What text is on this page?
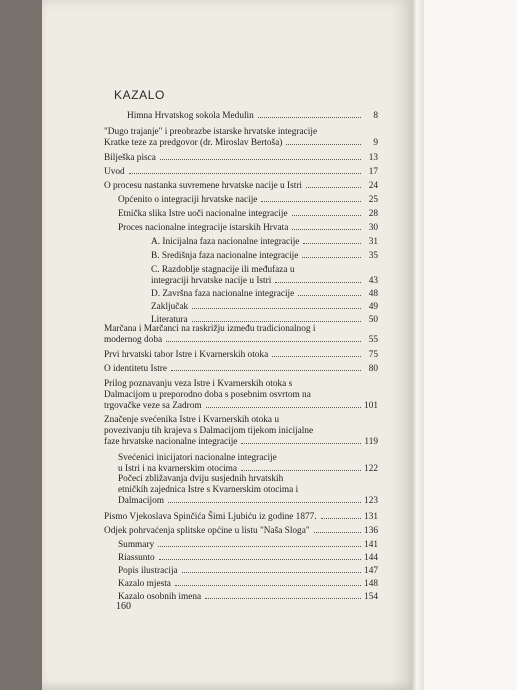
KAZALO
Himna Hrvatskog sokola Medulin	8
"Dugo trajanje" i preobrazbe istarske hrvatske integracije
Kratke teze za predgovor (dr. Miroslav Bertoša)	9
Bilješka pisca	13
Uvod	17
O procesu nastanka suvremene hrvatske nacije u Istri	24
Općenito o integraciji hrvatske nacije	25
Etnička slika Istre uoči nacionalne integracije	28
Proces nacionalne integracije istarskih Hrvata	30
A. Inicijalna faza nacionalne integracije	31
B. Središnja faza nacionalne integracije	35
C. Razdoblje stagnacije ili međufaza u
integraciji hrvatske nacije u Istri	43
D. Završna faza nacionalne integracije	48
Zaključak	49
Literatura	50
Marčana i Marčanci na raskrižju između tradicionalnog i
modernog doba	55
Prvi hrvatski tabor Istre i Kvarnerskih otoka	75
O identitetu Istre	80
Prilog poznavanju veza Istre i Kvarnerskih otoka s
Dalmacijom u preporodno doba s posebnim osvrtom na
trgovačke veze sa Zadrom	101
Značenje svećenika Istre i Kvarnerskih otoka u
povezivanju tih krajeva s Dalmacijom tijekom inicijalne
faze hrvatske nacionalne integracije	119
Svećenici inicijatori nacionalne integracije
u Istri i na kvarnerskim otocima	122
Počeci zbližavanja dviju susjednih hrvatskih
etničkih zajednica Istre s Kvarnerskim otocima i
Dalmacijom	123
Pismo Vjekoslava Spinčića Šimi Ljubiću iz godine 1877.	131
Odjek pohrvaćenja splitske općine u listu "Naša Sloga"	136
Summary	141
Riassunto	144
Popis ilustracija	147
Kazalo mjesta	148
Kazalo osobnih imena	154
160
